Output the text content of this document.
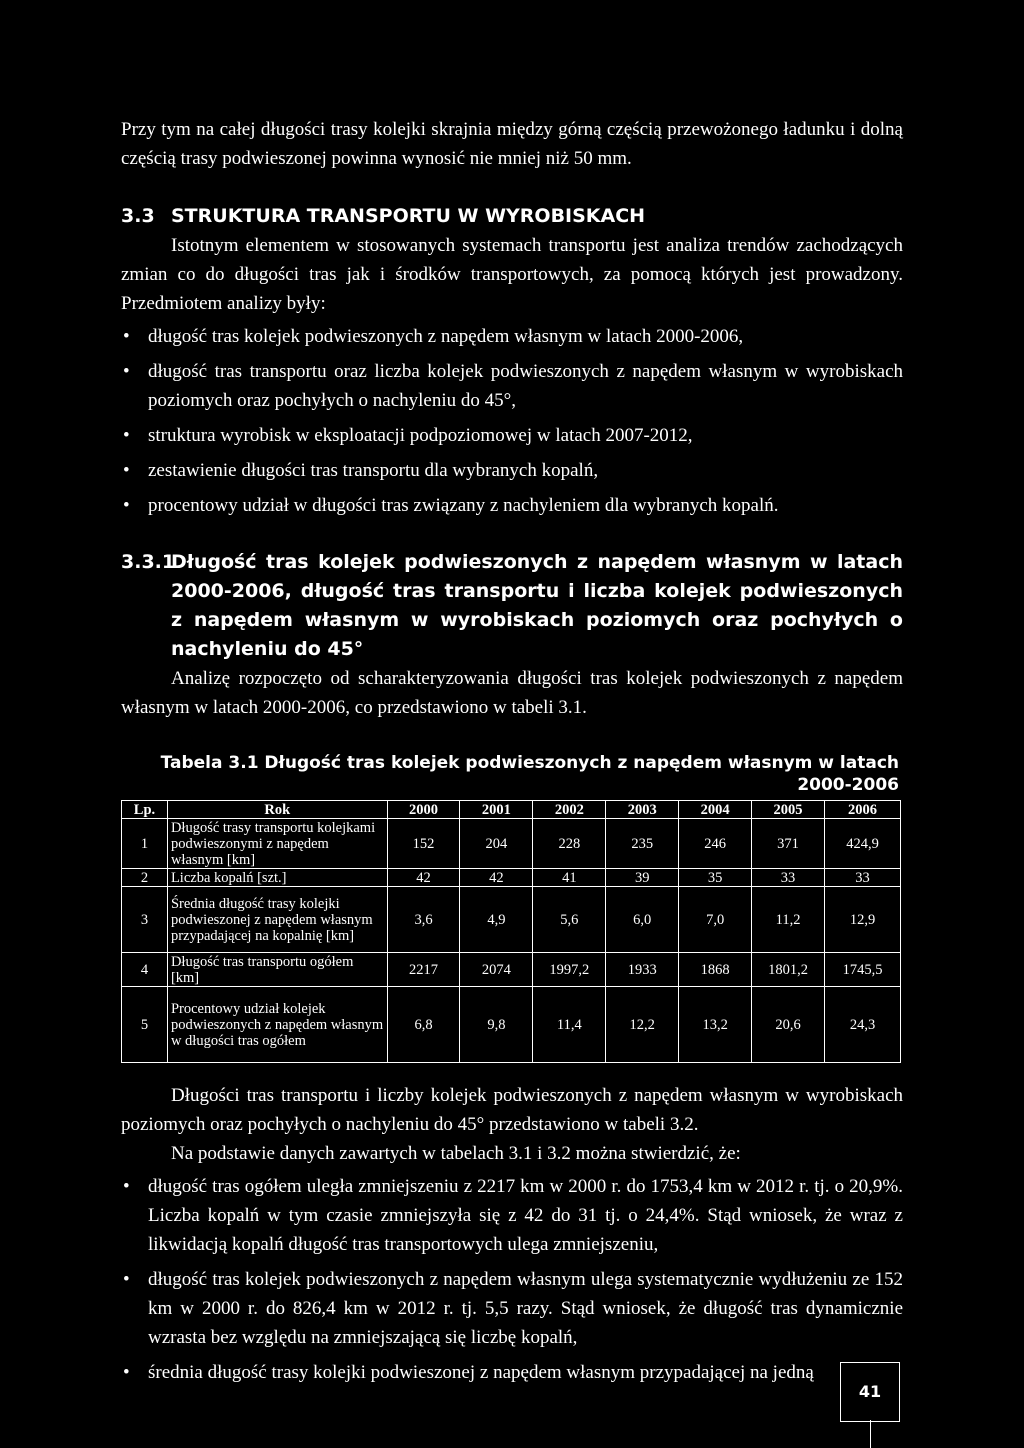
Przy tym na całej długości trasy kolejki skrajnia między górną częścią przewożonego ładunku i dolną częścią trasy podwieszonej powinna wynosić nie mniej niż 50 mm.

3.3 STRUKTURA TRANSPORTU W WYROBISKACH

Istotnym elementem w stosowanych systemach transportu jest analiza trendów zachodzących zmian co do długości tras jak i środków transportowych, za pomocą których jest prowadzony. Przedmiotem analizy były:

• długość tras kolejek podwieszonych z napędem własnym w latach 2000-2006,
• długość tras transportu oraz liczba kolejek podwieszonych z napędem własnym w wyrobiskach poziomych oraz pochyłych o nachyleniu do 45°,
• struktura wyrobisk w eksploatacji podpoziomowej w latach 2007-2012,
• zestawienie długości tras transportu dla wybranych kopalń,
• procentowy udział w długości tras związany z nachyleniem dla wybranych kopalń.
3.3.1
Długość tras kolejek podwieszonych z napędem własnym w latach 2000-2006, długość tras transportu i liczba kolejek podwieszonych z napędem własnym w wyrobiskach poziomych oraz pochyłych o nachyleniu do 45°

Analizę rozpoczęto od scharakteryzowania długości tras kolejek podwieszonych z napędem własnym w latach 2000-2006, co przedstawiono w tabeli 3.1.

Tabela 3.1 Długość tras kolejek podwieszonych z napędem własnym w latach 2000-2006
Lp.	Rok	2000	2001	2002	2003	2004	2005	2006
1	Długość trasy transportu kolejkami podwieszonymi z napędem własnym [km]	152	204	228	235	246	371	424,9
2	Liczba kopalń [szt.]	42	42	41	39	35	33	33
3	Średnia długość trasy kolejki podwieszonej z napędem własnym przypadającej na kopalnię [km]	3,6	4,9	5,6	6,0	7,0	11,2	12,9
4	Długość tras transportu ogółem [km]	2217	2074	1997,2	1933	1868	1801,2	1745,5
5	Procentowy udział kolejek podwieszonych z napędem własnym w długości tras ogółem	6,8	9,8	11,4	12,2	13,2	20,6	24,3

Długości tras transportu i liczby kolejek podwieszonych z napędem własnym w wyrobiskach poziomych oraz pochyłych o nachyleniu do 45° przedstawiono w tabeli 3.2.

Na podstawie danych zawartych w tabelach 3.1 i 3.2 można stwierdzić, że:

• długość tras ogółem uległa zmniejszeniu z 2217 km w 2000 r. do 1753,4 km w 2012 r. tj. o 20,9%. Liczba kopalń w tym czasie zmniejszyła się z 42 do 31 tj. o 24,4%. Stąd wniosek, że wraz z likwidacją kopalń długość tras transportowych ulega zmniejszeniu,
• długość tras kolejek podwieszonych z napędem własnym ulega systematycznie wydłużeniu ze 152 km w 2000 r. do 826,4 km w 2012 r. tj. 5,5 razy. Stąd wniosek, że długość tras dynamicznie wzrasta bez względu na zmniejszającą się liczbę kopalń,
• średnia długość trasy kolejki podwieszonej z napędem własnym przypadającej na jedną
41
